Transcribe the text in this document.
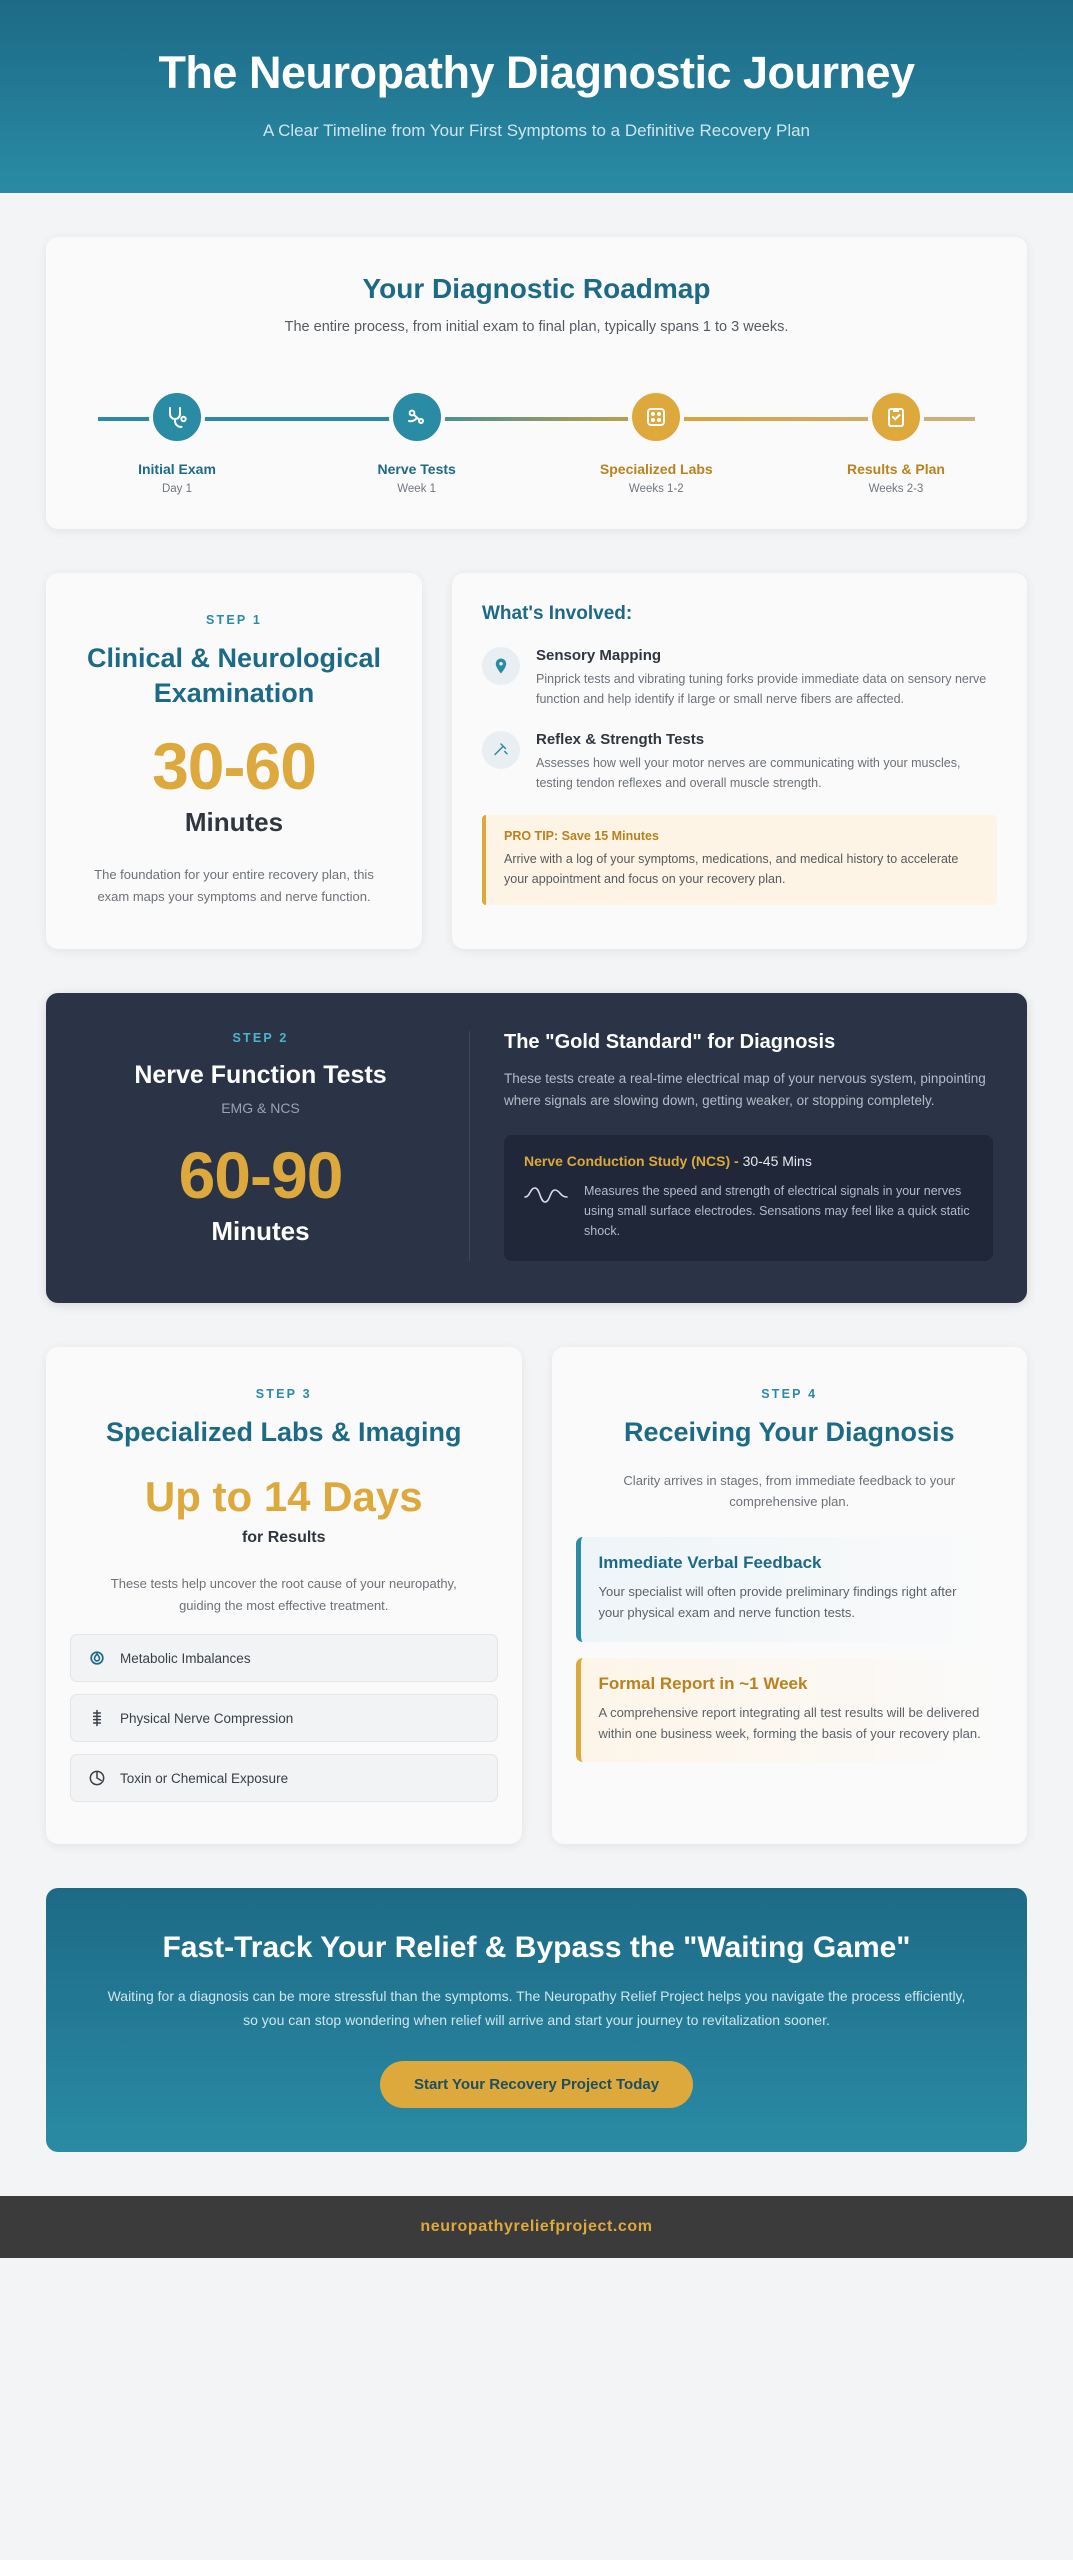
The Neuropathy Diagnostic Journey

A Clear Timeline from Your First Symptoms to a Definitive Recovery Plan

Your Diagnostic Roadmap
The entire process, from initial exam to final plan, typically spans 1 to 3 weeks.
Initial Exam
Day 1
Nerve Tests
Week 1
Specialized Labs
Weeks 1-2
Results & Plan
Weeks 2-3
STEP 1
Clinical & Neurological Examination
30-60
Minutes
The foundation for your entire recovery plan, this exam maps your symptoms and nerve function.
What's Involved:
Sensory Mapping
Pinprick tests and vibrating tuning forks provide immediate data on sensory nerve function and help identify if large or small nerve fibers are affected.
Reflex & Strength Tests
Assesses how well your motor nerves are communicating with your muscles, testing tendon reflexes and overall muscle strength.
PRO TIP: Save 15 Minutes
Arrive with a log of your symptoms, medications, and medical history to accelerate your appointment and focus on your recovery plan.
STEP 2
Nerve Function Tests
EMG & NCS
60-90
Minutes
The "Gold Standard" for Diagnosis

These tests create a real-time electrical map of your nervous system, pinpointing where signals are slowing down, getting weaker, or stopping completely.

Nerve Conduction Study (NCS) - 30-45 Mins
Measures the speed and strength of electrical signals in your nerves using small surface electrodes. Sensations may feel like a quick static shock.
STEP 3
Specialized Labs & Imaging
Up to 14 Days
for Results
These tests help uncover the root cause of your neuropathy, guiding the most effective treatment.
Metabolic Imbalances
Physical Nerve Compression
Toxin or Chemical Exposure
STEP 4
Receiving Your Diagnosis
Clarity arrives in stages, from immediate feedback to your comprehensive plan.
Immediate Verbal Feedback
Your specialist will often provide preliminary findings right after your physical exam and nerve function tests.
Formal Report in ~1 Week
A comprehensive report integrating all test results will be delivered within one business week, forming the basis of your recovery plan.
Fast-Track Your Relief & Bypass the "Waiting Game"

Waiting for a diagnosis can be more stressful than the symptoms. The Neuropathy Relief Project helps you navigate the process efficiently, so you can stop wondering when relief will arrive and start your journey to revitalization sooner.

Start Your Recovery Project Today
neuropathyreliefproject.com
